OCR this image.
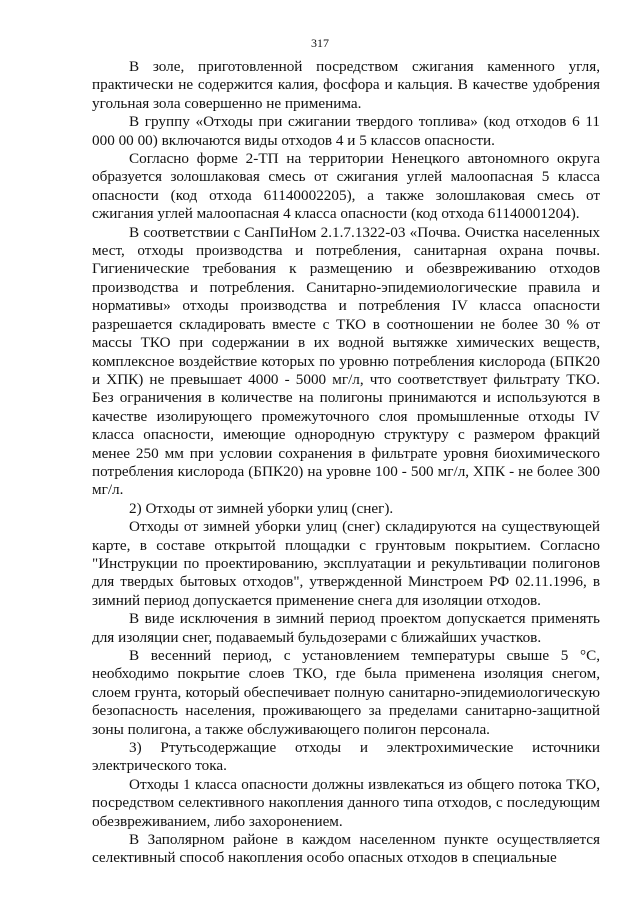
317

В золе, приготовленной посредством сжигания каменного угля, практически не содержится калия, фосфора и кальция. В качестве удобрения угольная зола совершенно не применима.

В группу «Отходы при сжигании твердого топлива» (код отходов 6 11 000 00 00) включаются виды отходов 4 и 5 классов опасности.

Согласно форме 2-ТП на территории Ненецкого автономного округа образуется золошлаковая смесь от сжигания углей малоопасная 5 класса опасности (код отхода 61140002205), а также золошлаковая смесь от сжигания углей малоопасная 4 класса опасности (код отхода 61140001204).

В соответствии с СанПиНом 2.1.7.1322-03 «Почва. Очистка населенных мест, отходы производства и потребления, санитарная охрана почвы. Гигиенические требования к размещению и обезвреживанию отходов производства и потребления. Санитарно-эпидемиологические правила и нормативы» отходы производства и потребления IV класса опасности разрешается складировать вместе с ТКО в соотношении не более 30 % от массы ТКО при содержании в их водной вытяжке химических веществ, комплексное воздействие которых по уровню потребления кислорода (БПК20 и ХПК) не превышает 4000 - 5000 мг/л, что соответствует фильтрату ТКО. Без ограничения в количестве на полигоны принимаются и используются в качестве изолирующего промежуточного слоя промышленные отходы IV класса опасности, имеющие однородную структуру с размером фракций менее 250 мм при условии сохранения в фильтрате уровня биохимического потребления кислорода (БПК20) на уровне 100 - 500 мг/л, ХПК - не более 300 мг/л.

2) Отходы от зимней уборки улиц (снег).

Отходы от зимней уборки улиц (снег) складируются на существующей карте, в составе открытой площадки с грунтовым покрытием. Согласно "Инструкции по проектированию, эксплуатации и рекультивации полигонов для твердых бытовых отходов", утвержденной Минстроем РФ 02.11.1996, в зимний период допускается применение снега для изоляции отходов.

В виде исключения в зимний период проектом допускается применять для изоляции снег, подаваемый бульдозерами с ближайших участков.

В весенний период, с установлением температуры свыше 5 °С, необходимо покрытие слоев ТКО, где была применена изоляция снегом, слоем грунта, который обеспечивает полную санитарно-эпидемиологическую безопасность населения, проживающего за пределами санитарно-защитной зоны полигона, а также обслуживающего полигон персонала.

3) Ртутьсодержащие отходы и электрохимические источники электрического тока.

Отходы 1 класса опасности должны извлекаться из общего потока ТКО, посредством селективного накопления данного типа отходов, с последующим обезвреживанием, либо захоронением.

В Заполярном районе в каждом населенном пункте осуществляется селективный способ накопления особо опасных отходов в специальные
